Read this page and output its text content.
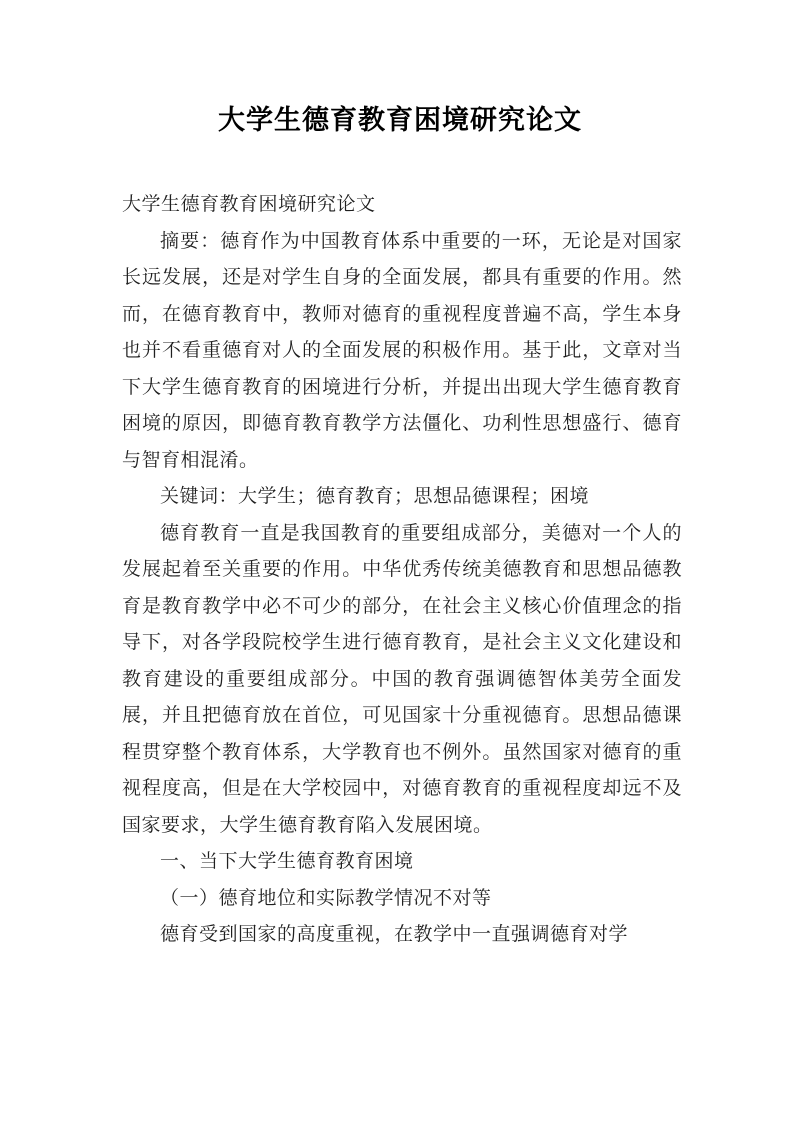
大学生德育教育困境研究论文

大学生德育教育困境研究论文

摘要：德育作为中国教育体系中重要的一环，无论是对国家长远发展，还是对学生自身的全面发展，都具有重要的作用。然而，在德育教育中，教师对德育的重视程度普遍不高，学生本身也并不看重德育对人的全面发展的积极作用。基于此，文章对当下大学生德育教育的困境进行分析，并提出出现大学生德育教育困境的原因，即德育教育教学方法僵化、功利性思想盛行、德育与智育相混淆。

关键词：大学生；德育教育；思想品德课程；困境

德育教育一直是我国教育的重要组成部分，美德对一个人的发展起着至关重要的作用。中华优秀传统美德教育和思想品德教育是教育教学中必不可少的部分，在社会主义核心价值理念的指导下，对各学段院校学生进行德育教育，是社会主义文化建设和教育建设的重要组成部分。中国的教育强调德智体美劳全面发展，并且把德育放在首位，可见国家十分重视德育。思想品德课程贯穿整个教育体系，大学教育也不例外。虽然国家对德育的重视程度高，但是在大学校园中，对德育教育的重视程度却远不及国家要求，大学生德育教育陷入发展困境。

一、当下大学生德育教育困境

（一）德育地位和实际教学情况不对等

德育受到国家的高度重视，在教学中一直强调德育对学
